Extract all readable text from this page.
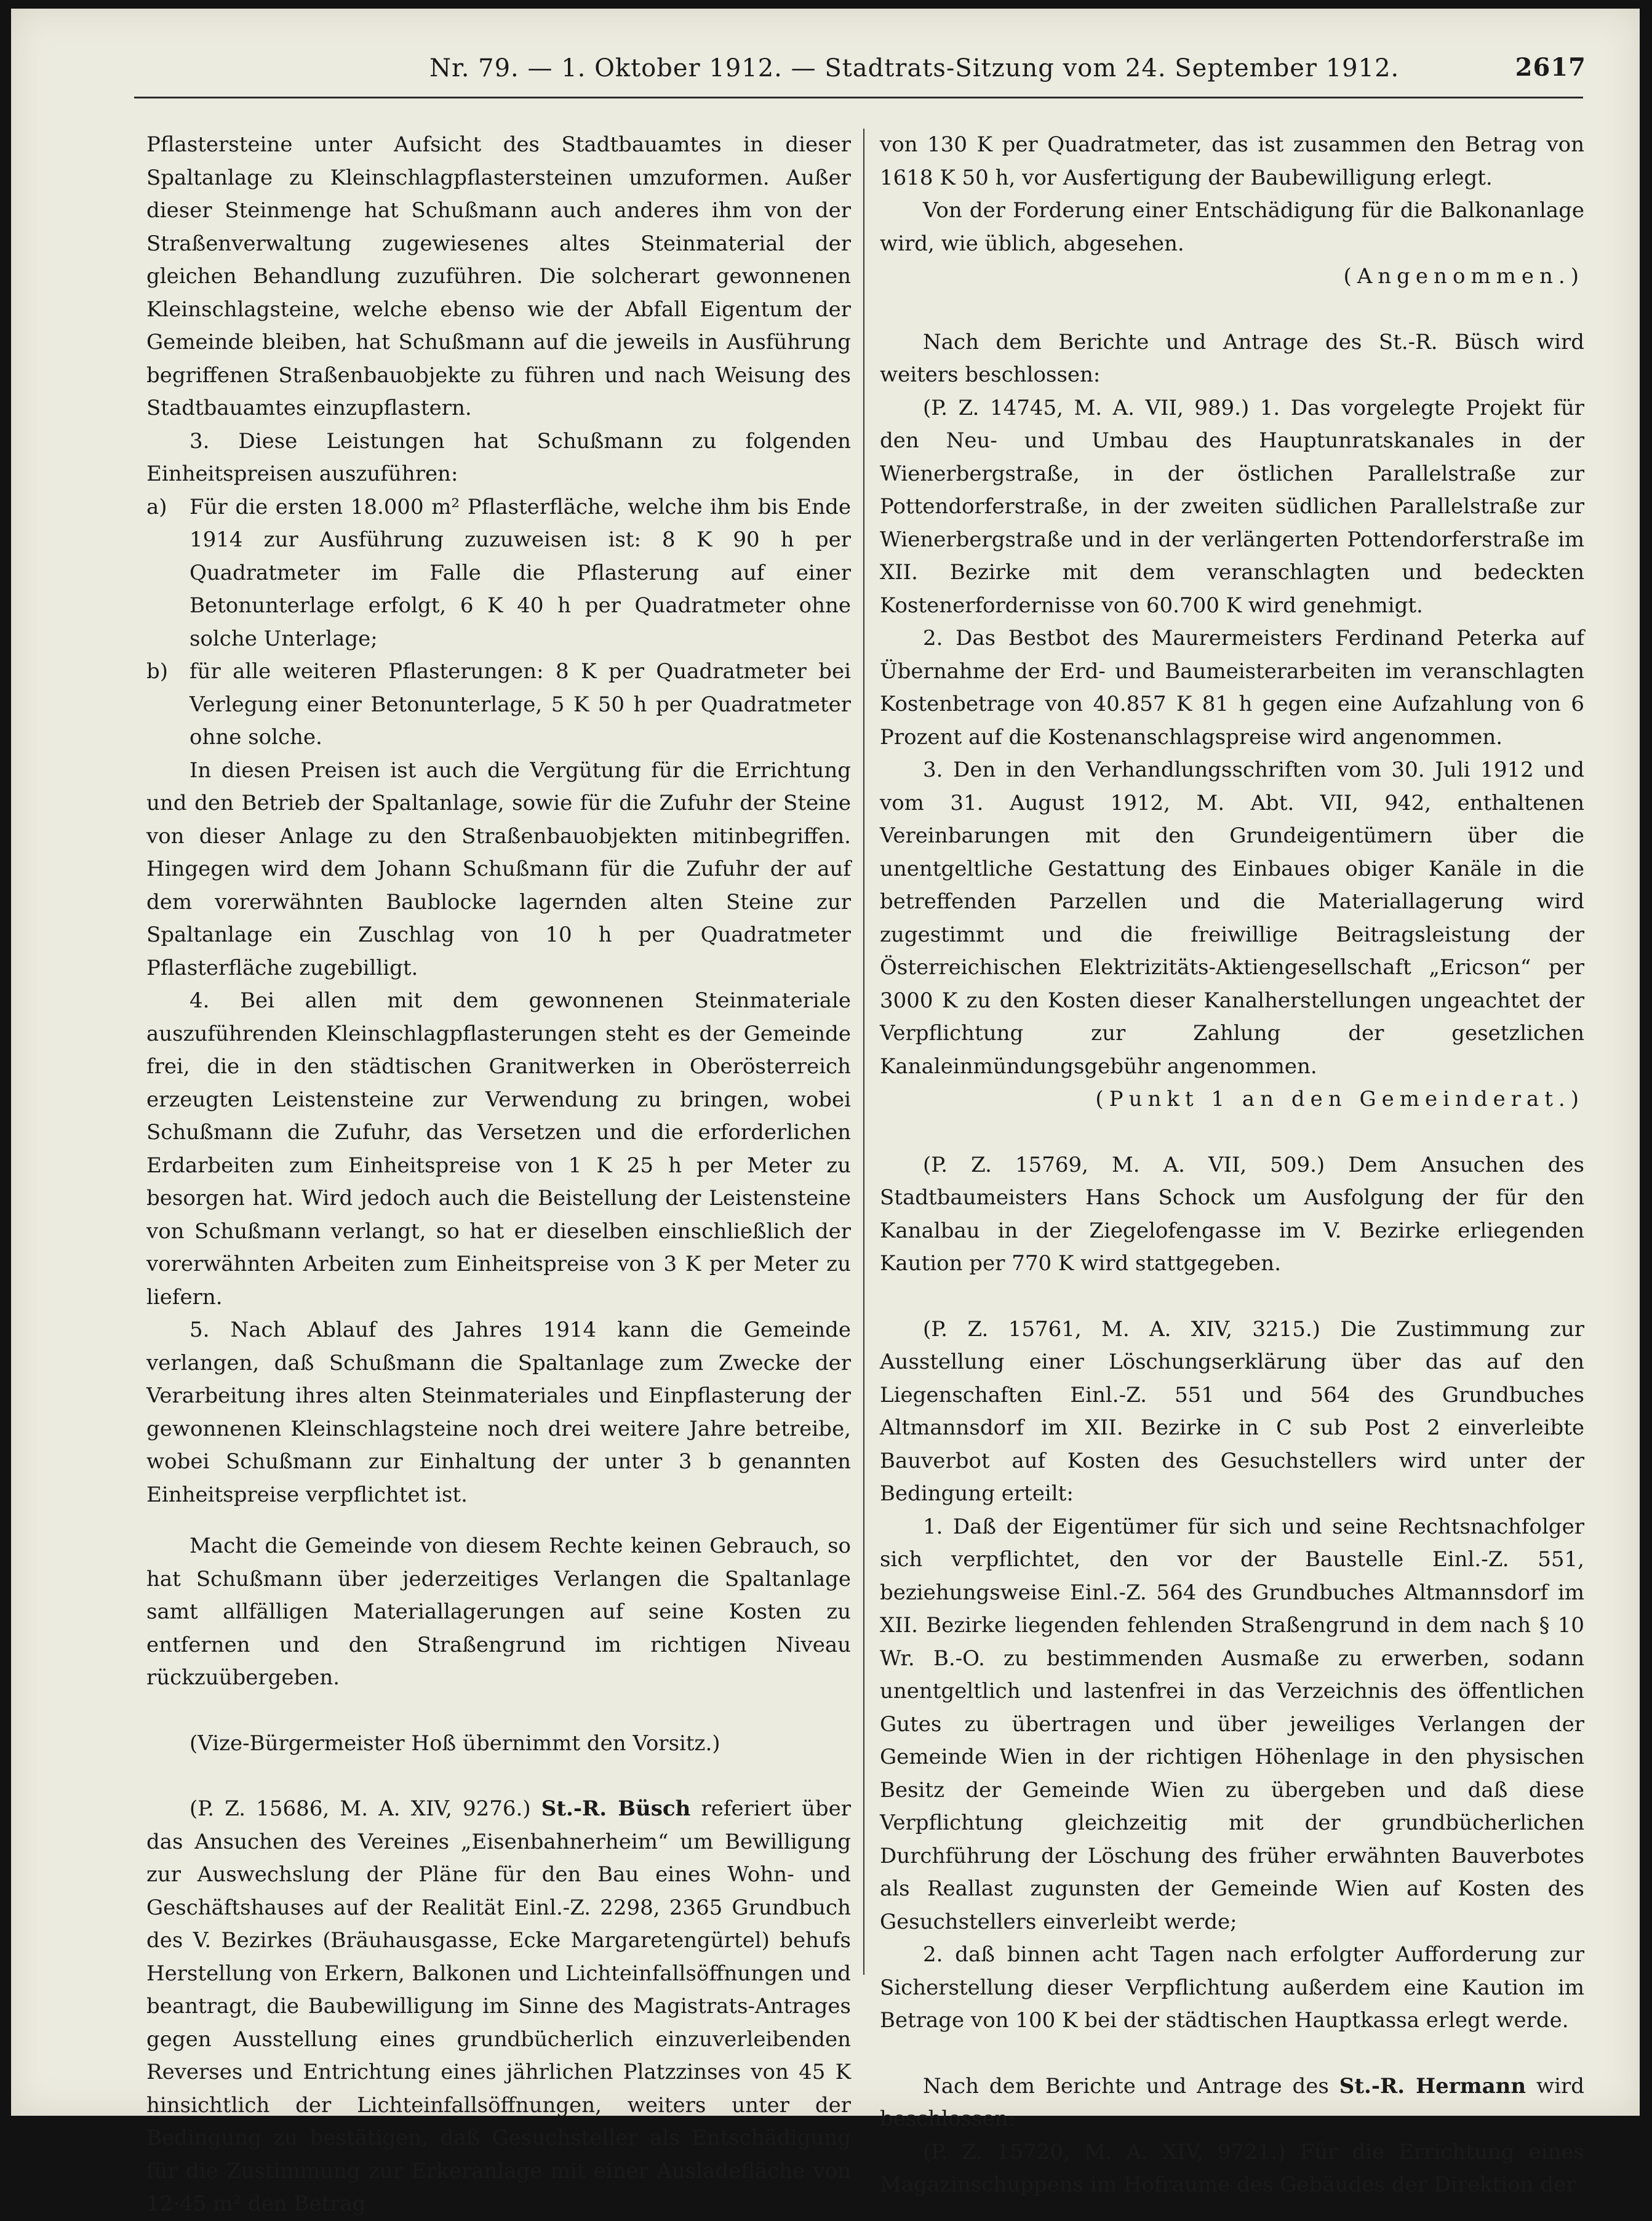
Nr. 79. — 1. Oktober 1912. — Stadtrats-Sitzung vom 24. September 1912.	2617

Pflastersteine unter Aufsicht des Stadtbauamtes in dieser Spaltanlage zu Kleinschlagpflastersteinen umzuformen. Außer dieser Steinmenge hat Schußmann auch anderes ihm von der Straßenverwaltung zugewiesenes altes Steinmaterial der gleichen Behandlung zuzuführen. Die solcherart gewonnenen Kleinschlagsteine, welche ebenso wie der Abfall Eigentum der Gemeinde bleiben, hat Schußmann auf die jeweils in Ausführung begriffenen Straßenbauobjekte zu führen und nach Weisung des Stadtbauamtes einzupflastern.

3. Diese Leistungen hat Schußmann zu folgenden Einheitspreisen auszuführen:

a)	Für die ersten 18.000 m² Pflasterfläche, welche ihm bis Ende 1914 zur Ausführung zuzuweisen ist: 8 K 90 h per Quadratmeter im Falle die Pflasterung auf einer Betonunterlage erfolgt, 6 K 40 h per Quadratmeter ohne solche Unterlage;
b)	für alle weiteren Pflasterungen: 8 K per Quadratmeter bei Verlegung einer Betonunterlage, 5 K 50 h per Quadratmeter ohne solche.

In diesen Preisen ist auch die Vergütung für die Errichtung und den Betrieb der Spaltanlage, sowie für die Zufuhr der Steine von dieser Anlage zu den Straßenbauobjekten mitinbegriffen. Hingegen wird dem Johann Schußmann für die Zufuhr der auf dem vorerwähnten Baublocke lagernden alten Steine zur Spaltanlage ein Zuschlag von 10 h per Quadratmeter Pflasterfläche zugebilligt.

4. Bei allen mit dem gewonnenen Steinmateriale auszuführenden Kleinschlagpflasterungen steht es der Gemeinde frei, die in den städtischen Granitwerken in Oberösterreich erzeugten Leistensteine zur Verwendung zu bringen, wobei Schußmann die Zufuhr, das Versetzen und die erforderlichen Erdarbeiten zum Einheitspreise von 1 K 25 h per Meter zu besorgen hat. Wird jedoch auch die Beistellung der Leistensteine von Schußmann verlangt, so hat er dieselben einschließlich der vorerwähnten Arbeiten zum Einheitspreise von 3 K per Meter zu liefern.

5. Nach Ablauf des Jahres 1914 kann die Gemeinde verlangen, daß Schußmann die Spaltanlage zum Zwecke der Verarbeitung ihres alten Steinmateriales und Einpflasterung der gewonnenen Kleinschlagsteine noch drei weitere Jahre betreibe, wobei Schußmann zur Einhaltung der unter 3 b genannten Einheitspreise verpflichtet ist.

Macht die Gemeinde von diesem Rechte keinen Gebrauch, so hat Schußmann über jederzeitiges Verlangen die Spaltanlage samt allfälligen Materiallagerungen auf seine Kosten zu entfernen und den Straßengrund im richtigen Niveau rückzuübergeben.

(Vize-Bürgermeister Hoß übernimmt den Vorsitz.)

(P. Z. 15686, M. A. XIV, 9276.) St.-R. Büsch referiert über das Ansuchen des Vereines „Eisenbahnerheim“ um Bewilligung zur Auswechslung der Pläne für den Bau eines Wohn- und Geschäftshauses auf der Realität Einl.-Z. 2298, 2365 Grundbuch des V. Bezirkes (Bräuhausgasse, Ecke Margaretengürtel) behufs Herstellung von Erkern, Balkonen und Lichteinfallsöffnungen und beantragt, die Baubewilligung im Sinne des Magistrats-Antrages gegen Ausstellung eines grundbücherlich einzuverleibenden Reverses und Entrichtung eines jährlichen Platzzinses von 45 K hinsichtlich der Lichteinfallsöffnungen, weiters unter der Bedingung zu bestätigen, daß Gesuchsteller als Entschädigung für die Zustimmung zur Erkeranlage mit einer Ausladefläche von 12·45 m² den Betrag

von 130 K per Quadratmeter, das ist zusammen den Betrag von 1618 K 50 h, vor Ausfertigung der Baubewilligung erlegt.

Von der Forderung einer Entschädigung für die Balkonanlage wird, wie üblich, abgesehen.

(Angenommen.)

Nach dem Berichte und Antrage des St.-R. Büsch wird weiters beschlossen:

(P. Z. 14745, M. A. VII, 989.) 1. Das vorgelegte Projekt für den Neu- und Umbau des Hauptunratskanales in der Wienerbergstraße, in der östlichen Parallelstraße zur Pottendorferstraße, in der zweiten südlichen Parallelstraße zur Wienerbergstraße und in der verlängerten Pottendorferstraße im XII. Bezirke mit dem veranschlagten und bedeckten Kostenerfordernisse von 60.700 K wird genehmigt.

2. Das Bestbot des Maurermeisters Ferdinand Peterka auf Übernahme der Erd- und Baumeisterarbeiten im veranschlagten Kostenbetrage von 40.857 K 81 h gegen eine Aufzahlung von 6 Prozent auf die Kostenanschlagspreise wird angenommen.

3. Den in den Verhandlungsschriften vom 30. Juli 1912 und vom 31. August 1912, M. Abt. VII, 942, enthaltenen Vereinbarungen mit den Grundeigentümern über die unentgeltliche Gestattung des Einbaues obiger Kanäle in die betreffenden Parzellen und die Materiallagerung wird zugestimmt und die freiwillige Beitragsleistung der Österreichischen Elektrizitäts-Aktiengesellschaft „Ericson“ per 3000 K zu den Kosten dieser Kanalherstellungen ungeachtet der Verpflichtung zur Zahlung der gesetzlichen Kanaleinmündungsgebühr angenommen.

(Punkt 1 an den Gemeinderat.)

(P. Z. 15769, M. A. VII, 509.) Dem Ansuchen des Stadtbaumeisters Hans Schock um Ausfolgung der für den Kanalbau in der Ziegelofengasse im V. Bezirke erliegenden Kaution per 770 K wird stattgegeben.

(P. Z. 15761, M. A. XIV, 3215.) Die Zustimmung zur Ausstellung einer Löschungserklärung über das auf den Liegenschaften Einl.-Z. 551 und 564 des Grundbuches Altmannsdorf im XII. Bezirke in C sub Post 2 einverleibte Bauverbot auf Kosten des Gesuchstellers wird unter der Bedingung erteilt:

1. Daß der Eigentümer für sich und seine Rechtsnachfolger sich verpflichtet, den vor der Baustelle Einl.-Z. 551, beziehungsweise Einl.-Z. 564 des Grundbuches Altmannsdorf im XII. Bezirke liegenden fehlenden Straßengrund in dem nach § 10 Wr. B.-O. zu bestimmenden Ausmaße zu erwerben, sodann unentgeltlich und lastenfrei in das Verzeichnis des öffentlichen Gutes zu übertragen und über jeweiliges Verlangen der Gemeinde Wien in der richtigen Höhenlage in den physischen Besitz der Gemeinde Wien zu übergeben und daß diese Verpflichtung gleichzeitig mit der grundbücherlichen Durchführung der Löschung des früher erwähnten Bauverbotes als Reallast zugunsten der Gemeinde Wien auf Kosten des Gesuchstellers einverleibt werde;

2. daß binnen acht Tagen nach erfolgter Aufforderung zur Sicherstellung dieser Verpflichtung außerdem eine Kaution im Betrage von 100 K bei der städtischen Hauptkassa erlegt werde.

Nach dem Berichte und Antrage des St.-R. Hermann wird beschlossen:

(P. Z. 15720, M. A. XIV, 9721.) Für die Errichtung eines Magazinschuppens im Hofraume des Gebäudes der Direktion der
